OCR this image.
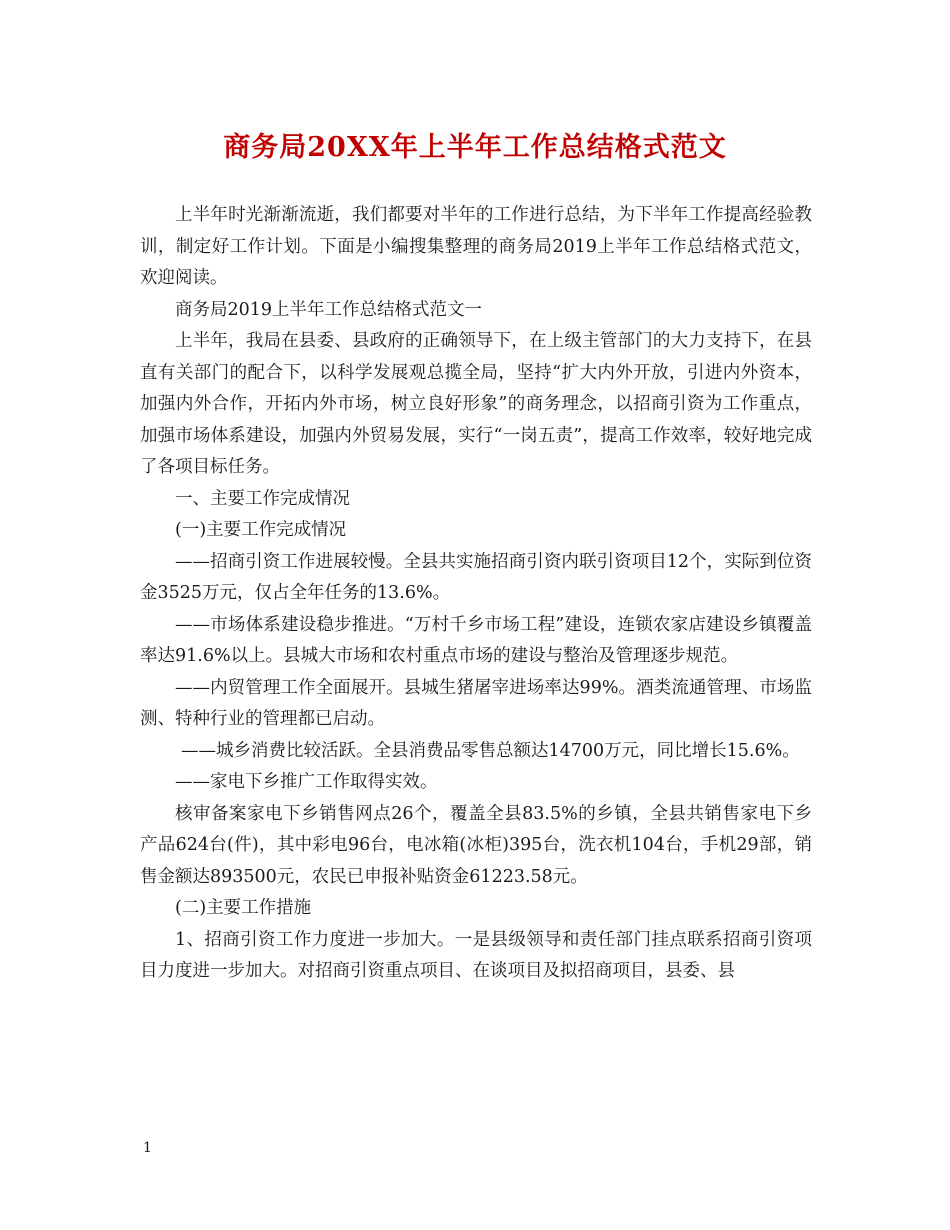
商务局20XX年上半年工作总结格式范文

上半年时光渐渐流逝，我们都要对半年的工作进行总结，为下半年工作提高经验教训，制定好工作计划。下面是小编搜集整理的商务局2019上半年工作总结格式范文，欢迎阅读。

商务局2019上半年工作总结格式范文一

上半年，我局在县委、县政府的正确领导下，在上级主管部门的大力支持下，在县直有关部门的配合下，以科学发展观总揽全局，坚持“扩大内外开放，引进内外资本，加强内外合作，开拓内外市场，树立良好形象”的商务理念，以招商引资为工作重点，加强市场体系建设，加强内外贸易发展，实行“一岗五责”，提高工作效率，较好地完成了各项目标任务。

一、主要工作完成情况

(一)主要工作完成情况

——招商引资工作进展较慢。全县共实施招商引资内联引资项目12个，实际到位资金3525万元，仅占全年任务的13.6%。

——市场体系建设稳步推进。“万村千乡市场工程”建设，连锁农家店建设乡镇覆盖率达91.6%以上。县城大市场和农村重点市场的建设与整治及管理逐步规范。

——内贸管理工作全面展开。县城生猪屠宰进场率达99%。酒类流通管理、市场监测、特种行业的管理都已启动。

——城乡消费比较活跃。全县消费品零售总额达14700万元，同比增长15.6%。

——家电下乡推广工作取得实效。

核审备案家电下乡销售网点26个，覆盖全县83.5%的乡镇，全县共销售家电下乡产品624台(件)，其中彩电96台，电冰箱(冰柜)395台，洗衣机104台，手机29部，销售金额达893500元，农民已申报补贴资金61223.58元。

(二)主要工作措施

1、招商引资工作力度进一步加大。一是县级领导和责任部门挂点联系招商引资项目力度进一步加大。对招商引资重点项目、在谈项目及拟招商项目，县委、县

1
